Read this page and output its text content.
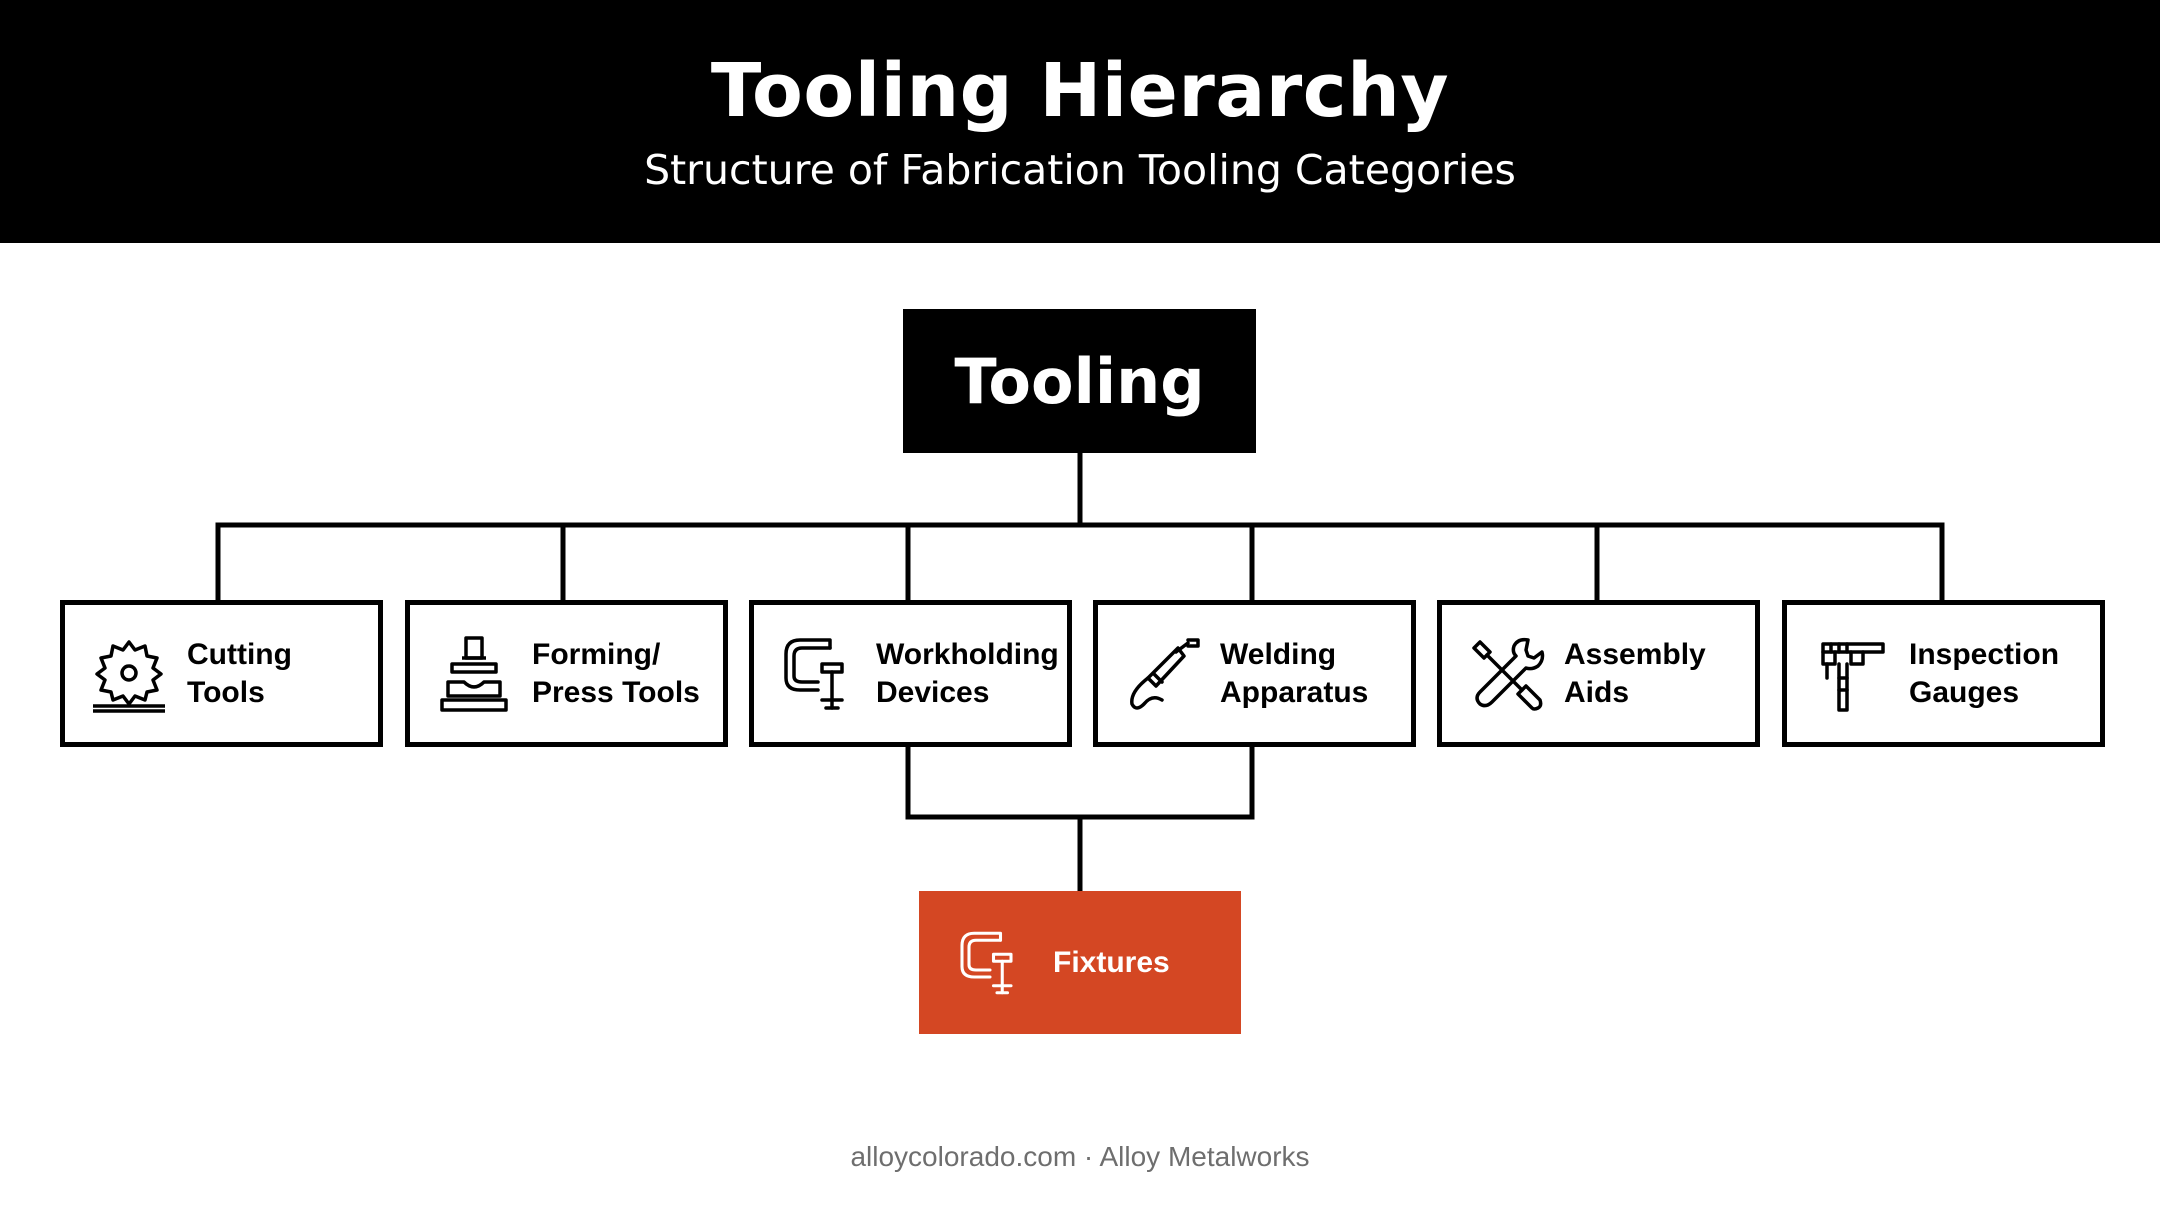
Tooling Hierarchy
Structure of Fabrication Tooling Categories
Tooling
Cutting
Tools
Forming/
Press Tools
Workholding
Devices
Welding
Apparatus
Assembly
Aids
Inspection
Gauges
Fixtures
alloycolorado.com · Alloy Metalworks
